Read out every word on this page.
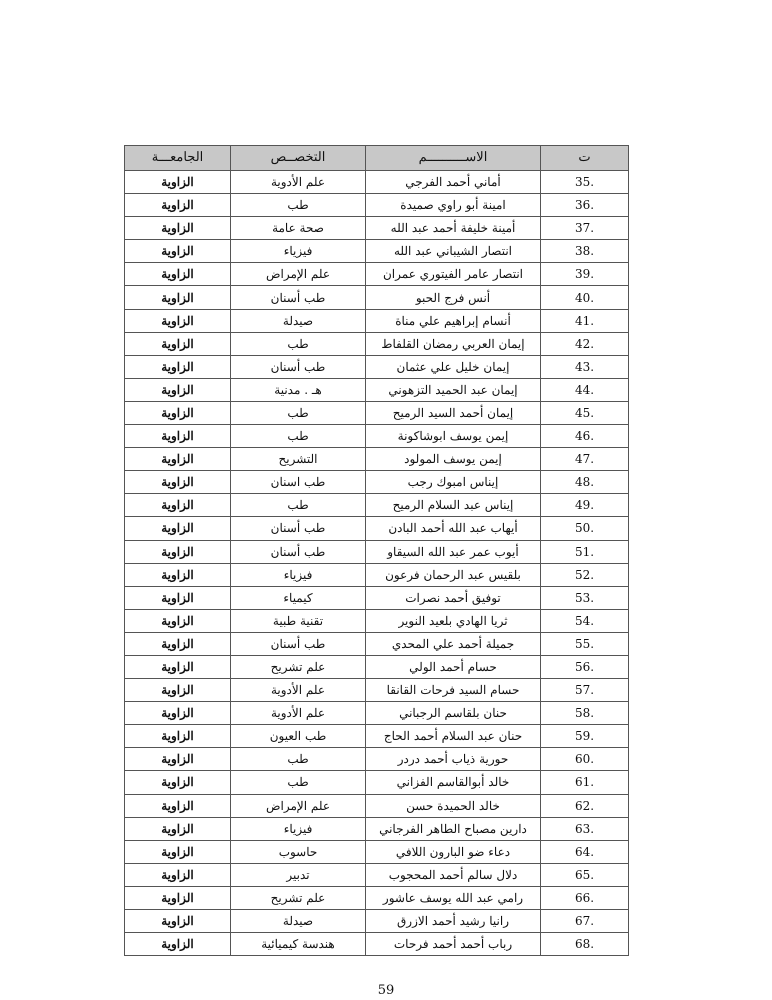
الجامعـــة	التخصــص	الاســــــــــم	ت
الزاوية	علم الأدوية	أماني أحمد الفرجي	35.
الزاوية	طب	امينة أبو راوي صميدة	36.
الزاوية	صحة عامة	أمينة خليفة أحمد عبد الله	37.
الزاوية	فيزياء	انتصار الشيباني عبد الله	38.
الزاوية	علم الإمراض	انتصار عامر الفيتوري عمران	39.
الزاوية	طب أسنان	أنس فرج الحبو	40.
الزاوية	صيدلة	أنسام إبراهيم علي مناة	41.
الزاوية	طب	إيمان العربي رمضان القلفاط	42.
الزاوية	طب أسنان	إيمان خليل علي عثمان	43.
الزاوية	هـ . مدنية	إيمان عبد الحميد التزهوني	44.
الزاوية	طب	إيمان أحمد السيد الرميح	45.
الزاوية	طب	إيمن يوسف ابوشاكونة	46.
الزاوية	التشريح	إيمن يوسف المولود	47.
الزاوية	طب اسنان	إيناس امبوك رجب	48.
الزاوية	طب	إيناس عبد السلام الرميح	49.
الزاوية	طب أسنان	أيهاب عبد الله أحمد البادن	50.
الزاوية	طب أسنان	أيوب عمر عبد الله السيقاو	51.
الزاوية	فيزياء	بلقيس عبد الرحمان فرعون	52.
الزاوية	كيمياء	توفيق أحمد نصرات	53.
الزاوية	تقنية طبية	ثريا الهادي بلعيد النوير	54.
الزاوية	طب أسنان	جميلة أحمد علي المحدي	55.
الزاوية	علم تشريح	حسام أحمد الولي	56.
الزاوية	علم الأدوية	حسام السيد فرحات القانقا	57.
الزاوية	علم الأدوية	حنان بلقاسم الرجباني	58.
الزاوية	طب العيون	حنان عبد السلام أحمد الحاج	59.
الزاوية	طب	حورية ذياب أحمد دردر	60.
الزاوية	طب	خالد أبوالقاسم الفزاني	61.
الزاوية	علم الإمراض	خالد الحميدة حسن	62.
الزاوية	فيزياء	دارين مصباح الطاهر الفرجاني	63.
الزاوية	حاسوب	دعاء ضو البارون اللافي	64.
الزاوية	تدبير	دلال سالم أحمد المحجوب	65.
الزاوية	علم تشريح	رامي عبد الله يوسف عاشور	66.
الزاوية	صيدلة	رانيا رشيد أحمد الازرق	67.
الزاوية	هندسة كيميائية	رباب أحمد أحمد فرحات	68.
59
